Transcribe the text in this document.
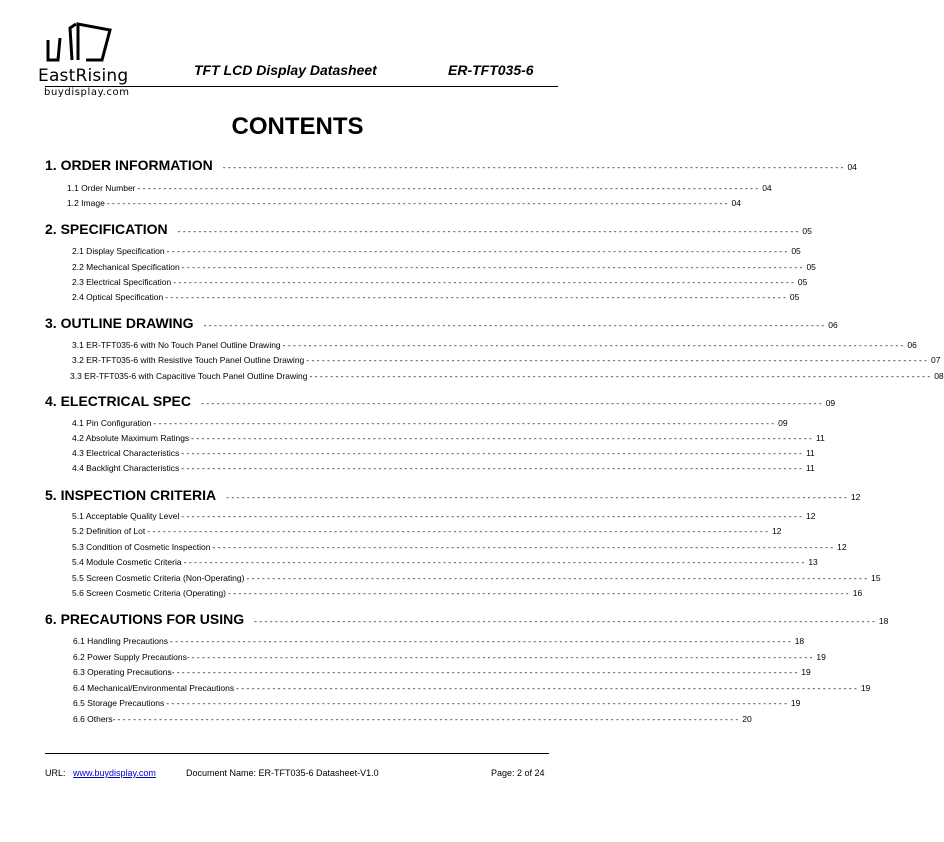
EastRising
buydisplay.com
TFT LCD Display Datasheet	ER-TFT035-6
CONTENTS
1. ORDER INFORMATION - - - - - - - - - - - - - - - - - - - - - - - - - - - - - - - - - - - - - - - - - - - - - - - - - - - - - - - - - - - - - - - - - - - - - - - - - - - - - - - - - - - - - - - - - - - - - - - - - - - - - - - - - - - - - - - - - - - - - - - - 04
1.1 Order Number - - - - - - - - - - - - - - - - - - - - - - - - - - - - - - - - - - - - - - - - - - - - - - - - - - - - - - - - - - - - - - - - - - - - - - - - - - - - - - - - - - - - - - - - - - - - - - - - - - - - - - - - - - - - - - - - - - - - - - - - 04
1.2 Image - - - - - - - - - - - - - - - - - - - - - - - - - - - - - - - - - - - - - - - - - - - - - - - - - - - - - - - - - - - - - - - - - - - - - - - - - - - - - - - - - - - - - - - - - - - - - - - - - - - - - - - - - - - - - - - - - - - - - - - - 04
2. SPECIFICATION - - - - - - - - - - - - - - - - - - - - - - - - - - - - - - - - - - - - - - - - - - - - - - - - - - - - - - - - - - - - - - - - - - - - - - - - - - - - - - - - - - - - - - - - - - - - - - - - - - - - - - - - - - - - - - - - - - - - - - - - 05
2.1 Display Specification - - - - - - - - - - - - - - - - - - - - - - - - - - - - - - - - - - - - - - - - - - - - - - - - - - - - - - - - - - - - - - - - - - - - - - - - - - - - - - - - - - - - - - - - - - - - - - - - - - - - - - - - - - - - - - - - - - - - - - - - 05
2.2 Mechanical Specification - - - - - - - - - - - - - - - - - - - - - - - - - - - - - - - - - - - - - - - - - - - - - - - - - - - - - - - - - - - - - - - - - - - - - - - - - - - - - - - - - - - - - - - - - - - - - - - - - - - - - - - - - - - - - - - - - - - - - - - - 05
2.3 Electrical Specification - - - - - - - - - - - - - - - - - - - - - - - - - - - - - - - - - - - - - - - - - - - - - - - - - - - - - - - - - - - - - - - - - - - - - - - - - - - - - - - - - - - - - - - - - - - - - - - - - - - - - - - - - - - - - - - - - - - - - - - - 05
2.4 Optical Specification - - - - - - - - - - - - - - - - - - - - - - - - - - - - - - - - - - - - - - - - - - - - - - - - - - - - - - - - - - - - - - - - - - - - - - - - - - - - - - - - - - - - - - - - - - - - - - - - - - - - - - - - - - - - - - - - - - - - - - - - 05
3. OUTLINE DRAWING - - - - - - - - - - - - - - - - - - - - - - - - - - - - - - - - - - - - - - - - - - - - - - - - - - - - - - - - - - - - - - - - - - - - - - - - - - - - - - - - - - - - - - - - - - - - - - - - - - - - - - - - - - - - - - - - - - - - - - - - 06
3.1 ER-TFT035-6 with No Touch Panel Outline Drawing - - - - - - - - - - - - - - - - - - - - - - - - - - - - - - - - - - - - - - - - - - - - - - - - - - - - - - - - - - - - - - - - - - - - - - - - - - - - - - - - - - - - - - - - - - - - - - - - - - - - - - - - - - - - - - - - - - - - - - - - 06
3.2 ER-TFT035-6 with Resistive Touch Panel Outline Drawing - - - - - - - - - - - - - - - - - - - - - - - - - - - - - - - - - - - - - - - - - - - - - - - - - - - - - - - - - - - - - - - - - - - - - - - - - - - - - - - - - - - - - - - - - - - - - - - - - - - - - - - - - - - - - - - - - - - - - - - - 07
3.3 ER-TFT035-6 with Capacitive Touch Panel Outline Drawing - - - - - - - - - - - - - - - - - - - - - - - - - - - - - - - - - - - - - - - - - - - - - - - - - - - - - - - - - - - - - - - - - - - - - - - - - - - - - - - - - - - - - - - - - - - - - - - - - - - - - - - - - - - - - - - - - - - - - - - - 08
4. ELECTRICAL SPEC - - - - - - - - - - - - - - - - - - - - - - - - - - - - - - - - - - - - - - - - - - - - - - - - - - - - - - - - - - - - - - - - - - - - - - - - - - - - - - - - - - - - - - - - - - - - - - - - - - - - - - - - - - - - - - - - - - - - - - - - 09
4.1 Pin Configuration - - - - - - - - - - - - - - - - - - - - - - - - - - - - - - - - - - - - - - - - - - - - - - - - - - - - - - - - - - - - - - - - - - - - - - - - - - - - - - - - - - - - - - - - - - - - - - - - - - - - - - - - - - - - - - - - - - - - - - - - 09
4.2 Absolute Maximum Ratings - - - - - - - - - - - - - - - - - - - - - - - - - - - - - - - - - - - - - - - - - - - - - - - - - - - - - - - - - - - - - - - - - - - - - - - - - - - - - - - - - - - - - - - - - - - - - - - - - - - - - - - - - - - - - - - - - - - - - - - - 11
4.3 Electrical Characteristics - - - - - - - - - - - - - - - - - - - - - - - - - - - - - - - - - - - - - - - - - - - - - - - - - - - - - - - - - - - - - - - - - - - - - - - - - - - - - - - - - - - - - - - - - - - - - - - - - - - - - - - - - - - - - - - - - - - - - - - - 11
4.4 Backlight Characteristics - - - - - - - - - - - - - - - - - - - - - - - - - - - - - - - - - - - - - - - - - - - - - - - - - - - - - - - - - - - - - - - - - - - - - - - - - - - - - - - - - - - - - - - - - - - - - - - - - - - - - - - - - - - - - - - - - - - - - - - - 11
5. INSPECTION CRITERIA - - - - - - - - - - - - - - - - - - - - - - - - - - - - - - - - - - - - - - - - - - - - - - - - - - - - - - - - - - - - - - - - - - - - - - - - - - - - - - - - - - - - - - - - - - - - - - - - - - - - - - - - - - - - - - - - - - - - - - - - 12
5.1 Acceptable Quality Level - - - - - - - - - - - - - - - - - - - - - - - - - - - - - - - - - - - - - - - - - - - - - - - - - - - - - - - - - - - - - - - - - - - - - - - - - - - - - - - - - - - - - - - - - - - - - - - - - - - - - - - - - - - - - - - - - - - - - - - - 12
5.2 Definition of Lot - - - - - - - - - - - - - - - - - - - - - - - - - - - - - - - - - - - - - - - - - - - - - - - - - - - - - - - - - - - - - - - - - - - - - - - - - - - - - - - - - - - - - - - - - - - - - - - - - - - - - - - - - - - - - - - - - - - - - - - - 12
5.3 Condition of Cosmetic Inspection - - - - - - - - - - - - - - - - - - - - - - - - - - - - - - - - - - - - - - - - - - - - - - - - - - - - - - - - - - - - - - - - - - - - - - - - - - - - - - - - - - - - - - - - - - - - - - - - - - - - - - - - - - - - - - - - - - - - - - - - 12
5.4 Module Cosmetic Criteria - - - - - - - - - - - - - - - - - - - - - - - - - - - - - - - - - - - - - - - - - - - - - - - - - - - - - - - - - - - - - - - - - - - - - - - - - - - - - - - - - - - - - - - - - - - - - - - - - - - - - - - - - - - - - - - - - - - - - - - - 13
5.5 Screen Cosmetic Criteria (Non-Operating) - - - - - - - - - - - - - - - - - - - - - - - - - - - - - - - - - - - - - - - - - - - - - - - - - - - - - - - - - - - - - - - - - - - - - - - - - - - - - - - - - - - - - - - - - - - - - - - - - - - - - - - - - - - - - - - - - - - - - - - - 15
5.6 Screen Cosmetic Criteria (Operating) - - - - - - - - - - - - - - - - - - - - - - - - - - - - - - - - - - - - - - - - - - - - - - - - - - - - - - - - - - - - - - - - - - - - - - - - - - - - - - - - - - - - - - - - - - - - - - - - - - - - - - - - - - - - - - - - - - - - - - - - 16
6. PRECAUTIONS FOR USING - - - - - - - - - - - - - - - - - - - - - - - - - - - - - - - - - - - - - - - - - - - - - - - - - - - - - - - - - - - - - - - - - - - - - - - - - - - - - - - - - - - - - - - - - - - - - - - - - - - - - - - - - - - - - - - - - - - - - - - - 18
6.1 Handling Precautions - - - - - - - - - - - - - - - - - - - - - - - - - - - - - - - - - - - - - - - - - - - - - - - - - - - - - - - - - - - - - - - - - - - - - - - - - - - - - - - - - - - - - - - - - - - - - - - - - - - - - - - - - - - - - - - - - - - - - - - - 18
6.2 Power Supply Precautions- - - - - - - - - - - - - - - - - - - - - - - - - - - - - - - - - - - - - - - - - - - - - - - - - - - - - - - - - - - - - - - - - - - - - - - - - - - - - - - - - - - - - - - - - - - - - - - - - - - - - - - - - - - - - - - - - - - - - - - - - 19
6.3 Operating Precautions- - - - - - - - - - - - - - - - - - - - - - - - - - - - - - - - - - - - - - - - - - - - - - - - - - - - - - - - - - - - - - - - - - - - - - - - - - - - - - - - - - - - - - - - - - - - - - - - - - - - - - - - - - - - - - - - - - - - - - - - - 19
6.4 Mechanical/Environmental Precautions - - - - - - - - - - - - - - - - - - - - - - - - - - - - - - - - - - - - - - - - - - - - - - - - - - - - - - - - - - - - - - - - - - - - - - - - - - - - - - - - - - - - - - - - - - - - - - - - - - - - - - - - - - - - - - - - - - - - - - - - 19
6.5 Storage Precautions - - - - - - - - - - - - - - - - - - - - - - - - - - - - - - - - - - - - - - - - - - - - - - - - - - - - - - - - - - - - - - - - - - - - - - - - - - - - - - - - - - - - - - - - - - - - - - - - - - - - - - - - - - - - - - - - - - - - - - - - 19
6.6 Others- - - - - - - - - - - - - - - - - - - - - - - - - - - - - - - - - - - - - - - - - - - - - - - - - - - - - - - - - - - - - - - - - - - - - - - - - - - - - - - - - - - - - - - - - - - - - - - - - - - - - - - - - - - - - - - - - - - - - - - - - 20
URL: www.buydisplay.com	Document Name: ER-TFT035-6 Datasheet-V1.0	Page: 2 of 24
